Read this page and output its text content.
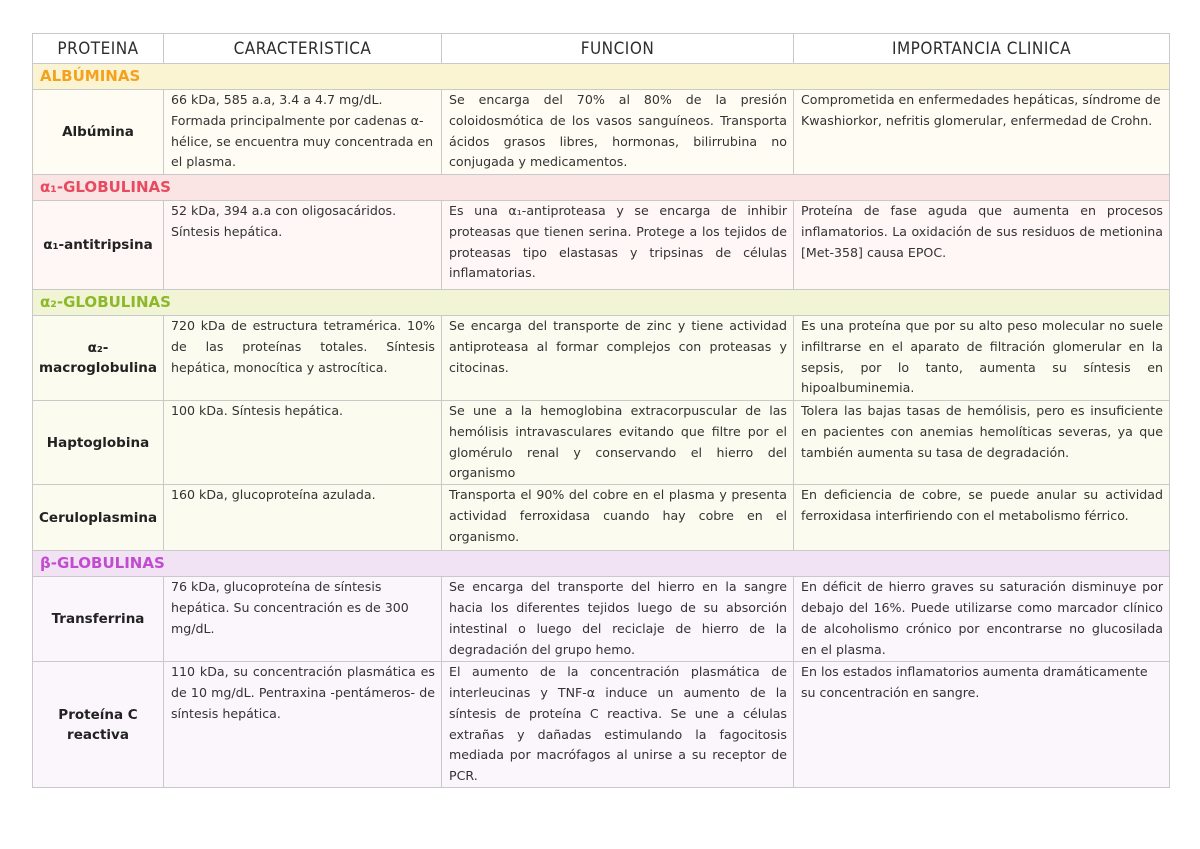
PROTEINA	CARACTERISTICA	FUNCION	IMPORTANCIA CLINICA
ALBÚMINAS			
Albúmina	66 kDa, 585 a.a, 3.4 a 4.7 mg/dL. Formada principalmente por cadenas α-hélice, se encuentra muy concentrada en el plasma.	Se encarga del 70% al 80% de la presión coloidosmótica de los vasos sanguíneos. Transporta ácidos grasos libres, hormonas, bilirrubina no conjugada y medicamentos.	Comprometida en enfermedades hepáticas, síndrome de Kwashiorkor, nefritis glomerular, enfermedad de Crohn.
α₁-GLOBULINAS			
α₁-antitripsina	52 kDa, 394 a.a con oligosacáridos. Síntesis hepática.	Es una α₁-antiproteasa y se encarga de inhibir proteasas que tienen serina. Protege a los tejidos de proteasas tipo elastasas y tripsinas de células inflamatorias.	Proteína de fase aguda que aumenta en procesos inflamatorios. La oxidación de sus residuos de metionina [Met-358] causa EPOC.
α₂-GLOBULINAS			
α₂-macroglobulina	720 kDa de estructura tetramérica. 10% de las proteínas totales. Síntesis hepática, monocítica y astrocítica.	Se encarga del transporte de zinc y tiene actividad antiproteasa al formar complejos con proteasas y citocinas.	Es una proteína que por su alto peso molecular no suele infiltrarse en el aparato de filtración glomerular en la sepsis, por lo tanto, aumenta su síntesis en hipoalbuminemia.
Haptoglobina	100 kDa. Síntesis hepática.	Se une a la hemoglobina extracorpuscular de las hemólisis intravasculares evitando que filtre por el glomérulo renal y conservando el hierro del organismo	Tolera las bajas tasas de hemólisis, pero es insuficiente en pacientes con anemias hemolíticas severas, ya que también aumenta su tasa de degradación.
Ceruloplasmina	160 kDa, glucoproteína azulada.	Transporta el 90% del cobre en el plasma y presenta actividad ferroxidasa cuando hay cobre en el organismo.	En deficiencia de cobre, se puede anular su actividad ferroxidasa interfiriendo con el metabolismo férrico.
β-GLOBULINAS			
Transferrina	76 kDa, glucoproteína de síntesis hepática. Su concentración es de 300 mg/dL.	Se encarga del transporte del hierro en la sangre hacia los diferentes tejidos luego de su absorción intestinal o luego del reciclaje de hierro de la degradación del grupo hemo.	En déficit de hierro graves su saturación disminuye por debajo del 16%. Puede utilizarse como marcador clínico de alcoholismo crónico por encontrarse no glucosilada en el plasma.
Proteína C reactiva	110 kDa, su concentración plasmática es de 10 mg/dL. Pentraxina -pentámeros- de síntesis hepática.	El aumento de la concentración plasmática de interleucinas y TNF-α induce un aumento de la síntesis de proteína C reactiva. Se une a células extrañas y dañadas estimulando la fagocitosis mediada por macrófagos al unirse a su receptor de PCR.	En los estados inflamatorios aumenta dramáticamente su concentración en sangre.
